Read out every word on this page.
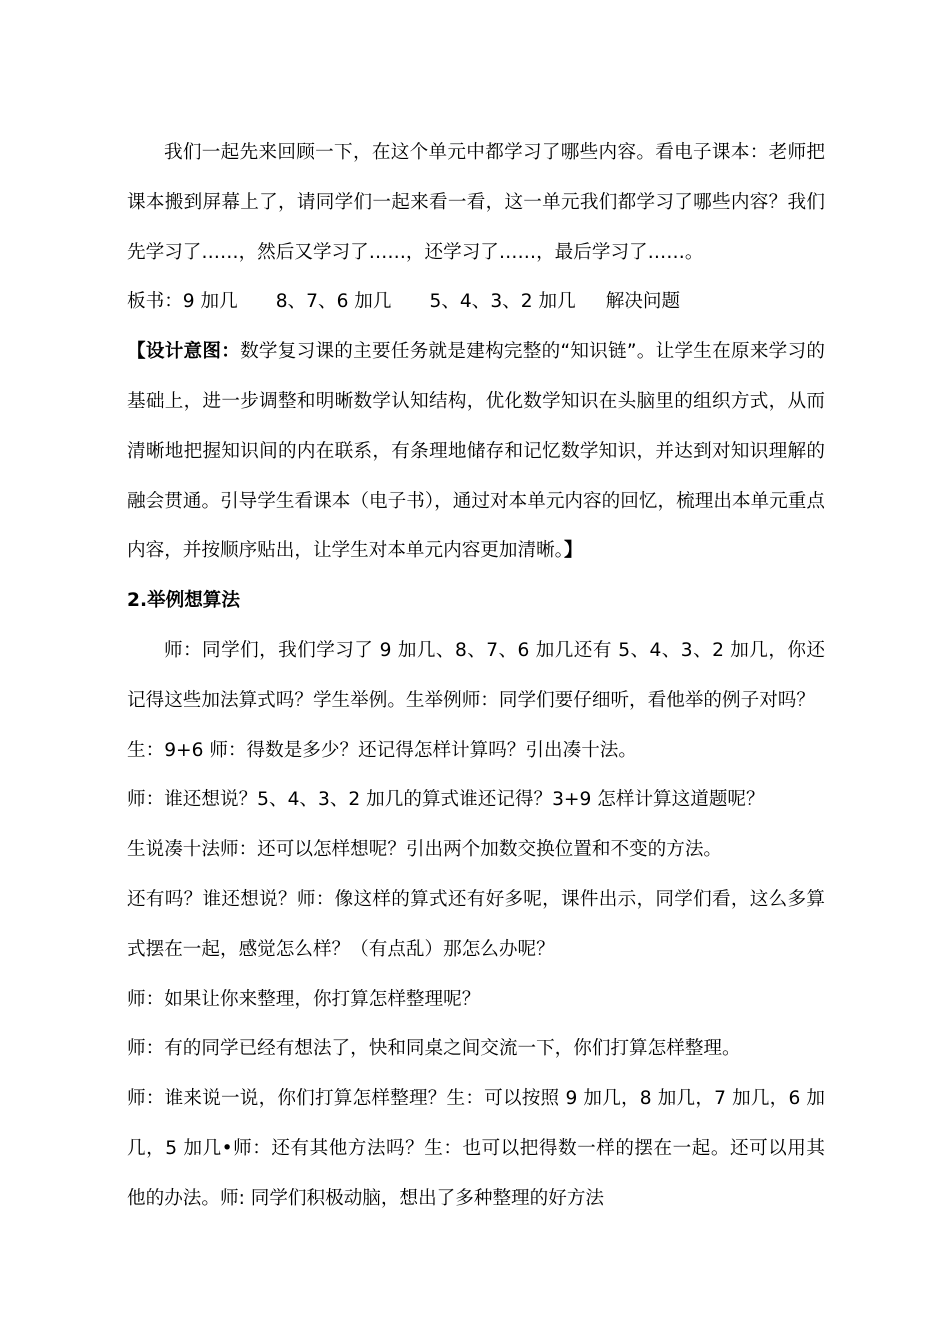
我们一起先来回顾一下，在这个单元中都学习了哪些内容。看电子课本：老师把课本搬到屏幕上了，请同学们一起来看一看，这一单元我们都学习了哪些内容？我们先学习了……，然后又学习了……，还学习了……，最后学习了……。

板书：9 加几 8、7、6 加几 5、4、3、2 加几 解决问题

【设计意图：数学复习课的主要任务就是建构完整的“知识链”。让学生在原来学习的基础上，进一步调整和明晰数学认知结构，优化数学知识在头脑里的组织方式，从而清晰地把握知识间的内在联系，有条理地储存和记忆数学知识，并达到对知识理解的融会贯通。引导学生看课本（电子书），通过对本单元内容的回忆，梳理出本单元重点内容，并按顺序贴出，让学生对本单元内容更加清晰。】

2.举例想算法

师：同学们，我们学习了 9 加几、8、7、6 加几还有 5、4、3、2 加几，你还记得这些加法算式吗？学生举例。生举例师：同学们要仔细听，看他举的例子对吗？

生：9+6 师：得数是多少？还记得怎样计算吗？引出凑十法。

师：谁还想说？5、4、3、2 加几的算式谁还记得？3+9 怎样计算这道题呢？

生说凑十法师：还可以怎样想呢？引出两个加数交换位置和不变的方法。

还有吗？谁还想说？师：像这样的算式还有好多呢，课件出示，同学们看，这么多算式摆在一起，感觉怎么样？（有点乱）那怎么办呢？

师：如果让你来整理，你打算怎样整理呢？

师：有的同学已经有想法了，快和同桌之间交流一下，你们打算怎样整理。

师：谁来说一说，你们打算怎样整理？生：可以按照 9 加几，8 加几，7 加几，6 加几，5 加几•师：还有其他方法吗？生：也可以把得数一样的摆在一起。还可以用其他的办法。师: 同学们积极动脑，想出了多种整理的好方法
